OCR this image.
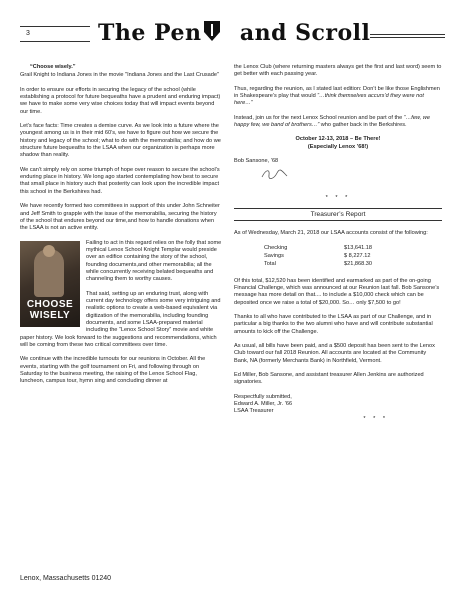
3	The Pen and Scroll
“Choose wisely.”

Grail Knight to Indiana Jones in the movie "Indiana Jones and the Last Crusade"

In order to ensure our efforts in securing the legacy of the school (while establishing a protocol for future bequeaths have a prudent and enduring impact) we have to make some very wise choices today that will impact events beyond our time.

Let’s face facts: Time creates a demise curve. As we look into a future where the youngest among us is in their mid 60’s, we have to figure out how we secure the history and legacy of the school; what to do with the memorabilia; and how do we structure future bequeaths to the LSAA when our organization is perhaps more shadow than reality.

We can’t simply rely on some triumph of hope over reason to secure the school’s enduring place in history. We long ago started contemplating how best to secure that small place in history such that posterity can look upon the incredible impact this school in the Berkshires had.

We have recently formed two committees in support of this under John Schneiter and Jeff Smith to grapple with the issue of the memorabilia, securing the history of the school that endures beyond our time,and how to handle donations when the LSAA is not an active entity.

CHOOSE
WISELY
Failing to act in this regard relies on the folly that some mythical Lenox School Knight Templar would preside over an edifice containing the story of the school, founding documents,and other memorabilia; all the while concurrently receiving belated bequeaths and channeling them to worthy causes.

That said, setting up an enduring trust, along with current day technology offers some very intriguing and realistic options to create a web-based equivalent via digitization of the memorabilia, including founding documents, and some LSAA-prepared material including the “Lenox School Story” movie and white paper history. We look forward to the suggestions and recommendations, which will be coming from these two critical committees over time.

We continue with the incredible turnouts for our reunions in October. All the events, starting with the golf tournament on Fri, and following through on Saturday to the business meeting, the raising of the Lenox School Flag, luncheon, campus tour, hymn sing and concluding dinner at

Lenox, Massachusetts 01240

the Lenox Club (where returning masters always get the first and last word) seem to get better with each passing year.

Thus, regarding the reunion, as I stated last edition: Don’t be like those Englishmen in Shakespeare’s play that would “…think themselves accurs’d they were not here…”

Instead, join us for the next Lenox School reunion and be part of the “…few, we happy few, we band of brothers…” who gather back in the Berkshires.

October 12-13, 2018 – Be There!
(Especially Lenox ’68!)
Bob Sansone, ’68
* * *
Treasurer’s Report

As of Wednesday, March 21, 2018 our LSAA accounts consist of the following:

Checking	$13,641.18
Savings	$ 8,227.12
Total	$21,868.30

Of this total, $12,520 has been identified and earmarked as part of the on-going Financial Challenge, which was announced at our Reunion last fall. Bob Sansone’s message has more detail on that.... to include a $10,000 check which can be deposited once we raise a total of $20,000. So… only $7,500 to go!

Thanks to all who have contributed to the LSAA as part of our Challenge, and in particular a big thanks to the two alumni who have and will contribute substantial amounts to kick off the Challenge.

As usual, all bills have been paid, and a $500 deposit has been sent to the Lenox Club toward our fall 2018 Reunion. All accounts are located at the Community Bank, NA (formerly Merchants Bank) in Northfield, Vermont.

Ed Miller, Bob Sansone, and assistant treasurer Allen Jenkins are authorized signatories.

Respectfully submitted,
Edward A. Miller, Jr. ’66
LSAA Treasurer
* * *
